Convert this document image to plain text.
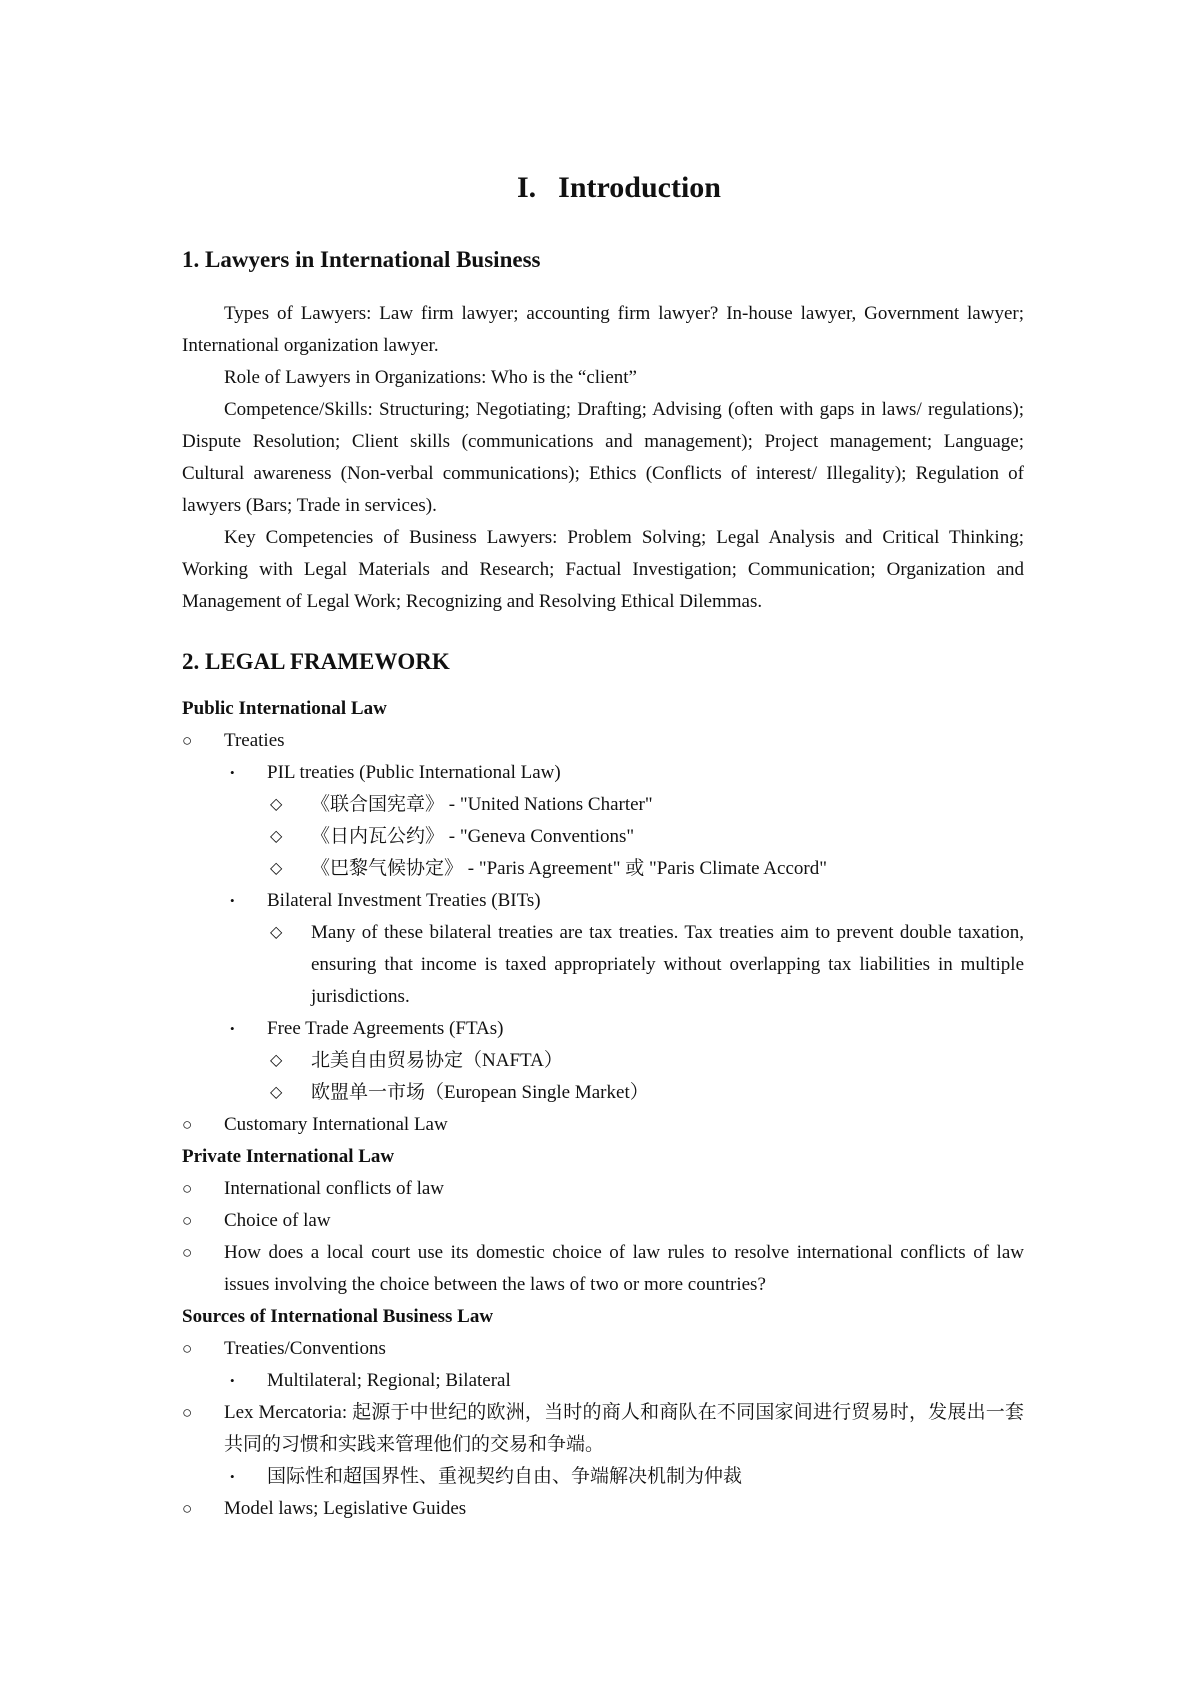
I. Introduction
1. Lawyers in International Business

Types of Lawyers: Law firm lawyer; accounting firm lawyer? In-house lawyer, Government lawyer; International organization lawyer.

Role of Lawyers in Organizations: Who is the “client”

Competence/Skills: Structuring; Negotiating; Drafting; Advising (often with gaps in laws/ regulations); Dispute Resolution; Client skills (communications and management); Project management; Language; Cultural awareness (Non-verbal communications); Ethics (Conflicts of interest/ Illegality); Regulation of lawyers (Bars; Trade in services).

Key Competencies of Business Lawyers: Problem Solving; Legal Analysis and Critical Thinking; Working with Legal Materials and Research; Factual Investigation; Communication; Organization and Management of Legal Work; Recognizing and Resolving Ethical Dilemmas.

2. LEGAL FRAMEWORK
Public International Law
○ Treaties
• PIL treaties (Public International Law)
◇ 《联合国宪章》 - "United Nations Charter"
◇ 《日内瓦公约》 - "Geneva Conventions"
◇ 《巴黎气候协定》 - "Paris Agreement" 或 "Paris Climate Accord"
• Bilateral Investment Treaties (BITs)
◇ Many of these bilateral treaties are tax treaties. Tax treaties aim to prevent double taxation, ensuring that income is taxed appropriately without overlapping tax liabilities in multiple jurisdictions.
• Free Trade Agreements (FTAs)
◇ 北美自由贸易协定（NAFTA）
◇ 欧盟单一市场（European Single Market）
○ Customary International Law
Private International Law
○ International conflicts of law
○ Choice of law
○ How does a local court use its domestic choice of law rules to resolve international conflicts of law issues involving the choice between the laws of two or more countries?
Sources of International Business Law
○ Treaties/Conventions
• Multilateral; Regional; Bilateral
○ Lex Mercatoria: 起源于中世纪的欧洲，当时的商人和商队在不同国家间进行贸易时，发展出一套共同的习惯和实践来管理他们的交易和争端。
• 国际性和超国界性、重视契约自由、争端解决机制为仲裁
○ Model laws; Legislative Guides
